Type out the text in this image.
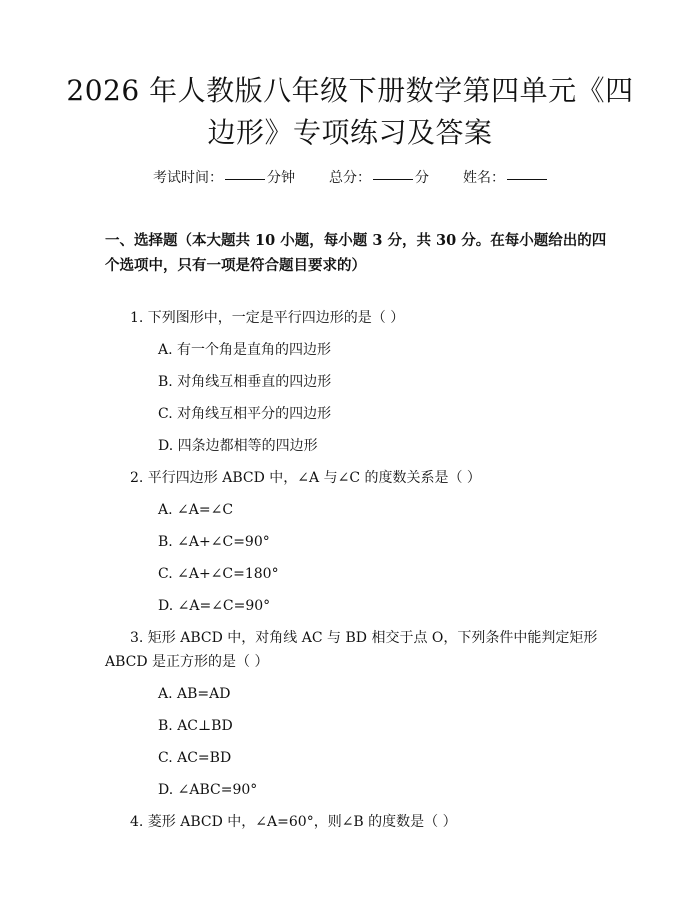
2026 年人教版八年级下册数学第四单元《四边形》专项练习及答案
考试时间：	分钟 总分：	分 姓名：

一、选择题（本大题共 10 小题，每小题 3 分，共 30 分。在每小题给出的四个选项中，只有一项是符合题目要求的）

1. 下列图形中，一定是平行四边形的是（ ）

A. 有一个角是直角的四边形

B. 对角线互相垂直的四边形

C. 对角线互相平分的四边形

D. 四条边都相等的四边形

2. 平行四边形 ABCD 中，∠A 与∠C 的度数关系是（ ）

A. ∠A=∠C

B. ∠A+∠C=90°

C. ∠A+∠C=180°

D. ∠A=∠C=90°

3. 矩形 ABCD 中，对角线 AC 与 BD 相交于点 O，下列条件中能判定矩形 ABCD 是正方形的是（ ）

A. AB=AD

B. AC⊥BD

C. AC=BD

D. ∠ABC=90°

4. 菱形 ABCD 中，∠A=60°，则∠B 的度数是（ ）
